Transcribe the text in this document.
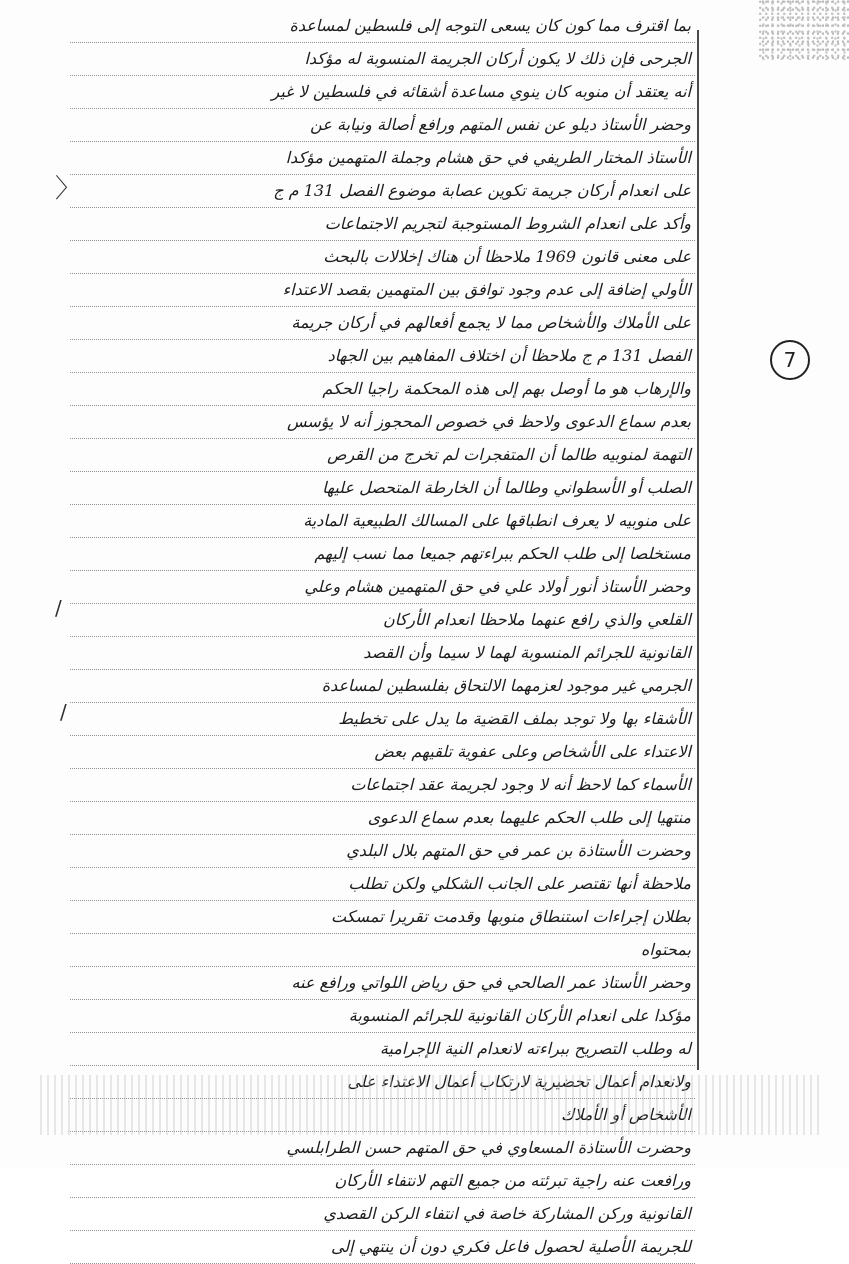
بما اقترف مما كون كان يسعى التوجه إلى فلسطين لمساعدة
الجرحى فإن ذلك لا يكون أركان الجريمة المنسوبة له مؤكدا
أنه يعتقد أن منوبه كان ينوي مساعدة أشقائه في فلسطين لا غير
وحضر الأستاذ ديلو عن نفس المتهم ورافع أصالة ونيابة عن
الأستاذ المختار الطريفي في حق هشام وجملة المتهمين مؤكدا
على انعدام أركان جريمة تكوين عصابة موضوع الفصل 131 م ج
وأكد على انعدام الشروط المستوجبة لتجريم الاجتماعات
على معنى قانون 1969 ملاحظا أن هناك إخلالات بالبحث
الأولي إضافة إلى عدم وجود توافق بين المتهمين بقصد الاعتداء
على الأملاك والأشخاص مما لا يجمع أفعالهم في أركان جريمة
الفصل 131 م ج ملاحظا أن اختلاف المفاهيم بين الجهاد
والإرهاب هو ما أوصل بهم إلى هذه المحكمة راجيا الحكم
بعدم سماع الدعوى ولاحظ في خصوص المحجوز أنه لا يؤسس
التهمة لمنوبيه طالما أن المتفجرات لم تخرج من القرص
الصلب أو الأسطواني وطالما أن الخارطة المتحصل عليها
على منوبيه لا يعرف انطباقها على المسالك الطبيعية المادية
مستخلصا إلى طلب الحكم ببراءتهم جميعا مما نسب إليهم
وحضر الأستاذ أنور أولاد علي في حق المتهمين هشام وعلي
القلعي والذي رافع عنهما ملاحظا انعدام الأركان
القانونية للجرائم المنسوبة لهما لا سيما وأن القصد
الجرمي غير موجود لعزمهما الالتحاق بفلسطين لمساعدة
الأشقاء بها ولا توجد بملف القضية ما يدل على تخطيط
الاعتداء على الأشخاص وعلى عفوية تلقيهم بعض
الأسماء كما لاحظ أنه لا وجود لجريمة عقد اجتماعات
منتهيا إلى طلب الحكم عليهما بعدم سماع الدعوى
وحضرت الأستاذة بن عمر في حق المتهم بلال البلدي
ملاحظة أنها تقتصر على الجانب الشكلي ولكن تطلب
بطلان إجراءات استنطاق منوبها وقدمت تقريرا تمسكت
بمحتواه
وحضر الأستاذ عمر الصالحي في حق رياض اللواتي ورافع عنه
مؤكدا على انعدام الأركان القانونية للجرائم المنسوبة
له وطلب التصريح ببراءته لانعدام النية الإجرامية
ولانعدام أعمال تحضيرية لارتكاب أعمال الاعتداء على
الأشخاص أو الأملاك
وحضرت الأستاذة المسعاوي في حق المتهم حسن الطرابلسي
ورافعت عنه راجية تبرئته من جميع التهم لانتفاء الأركان
القانونية وركن المشاركة خاصة في انتفاء الركن القصدي
للجريمة الأصلية لحصول فاعل فكري دون أن ينتهي إلى
7
〉
/
/
